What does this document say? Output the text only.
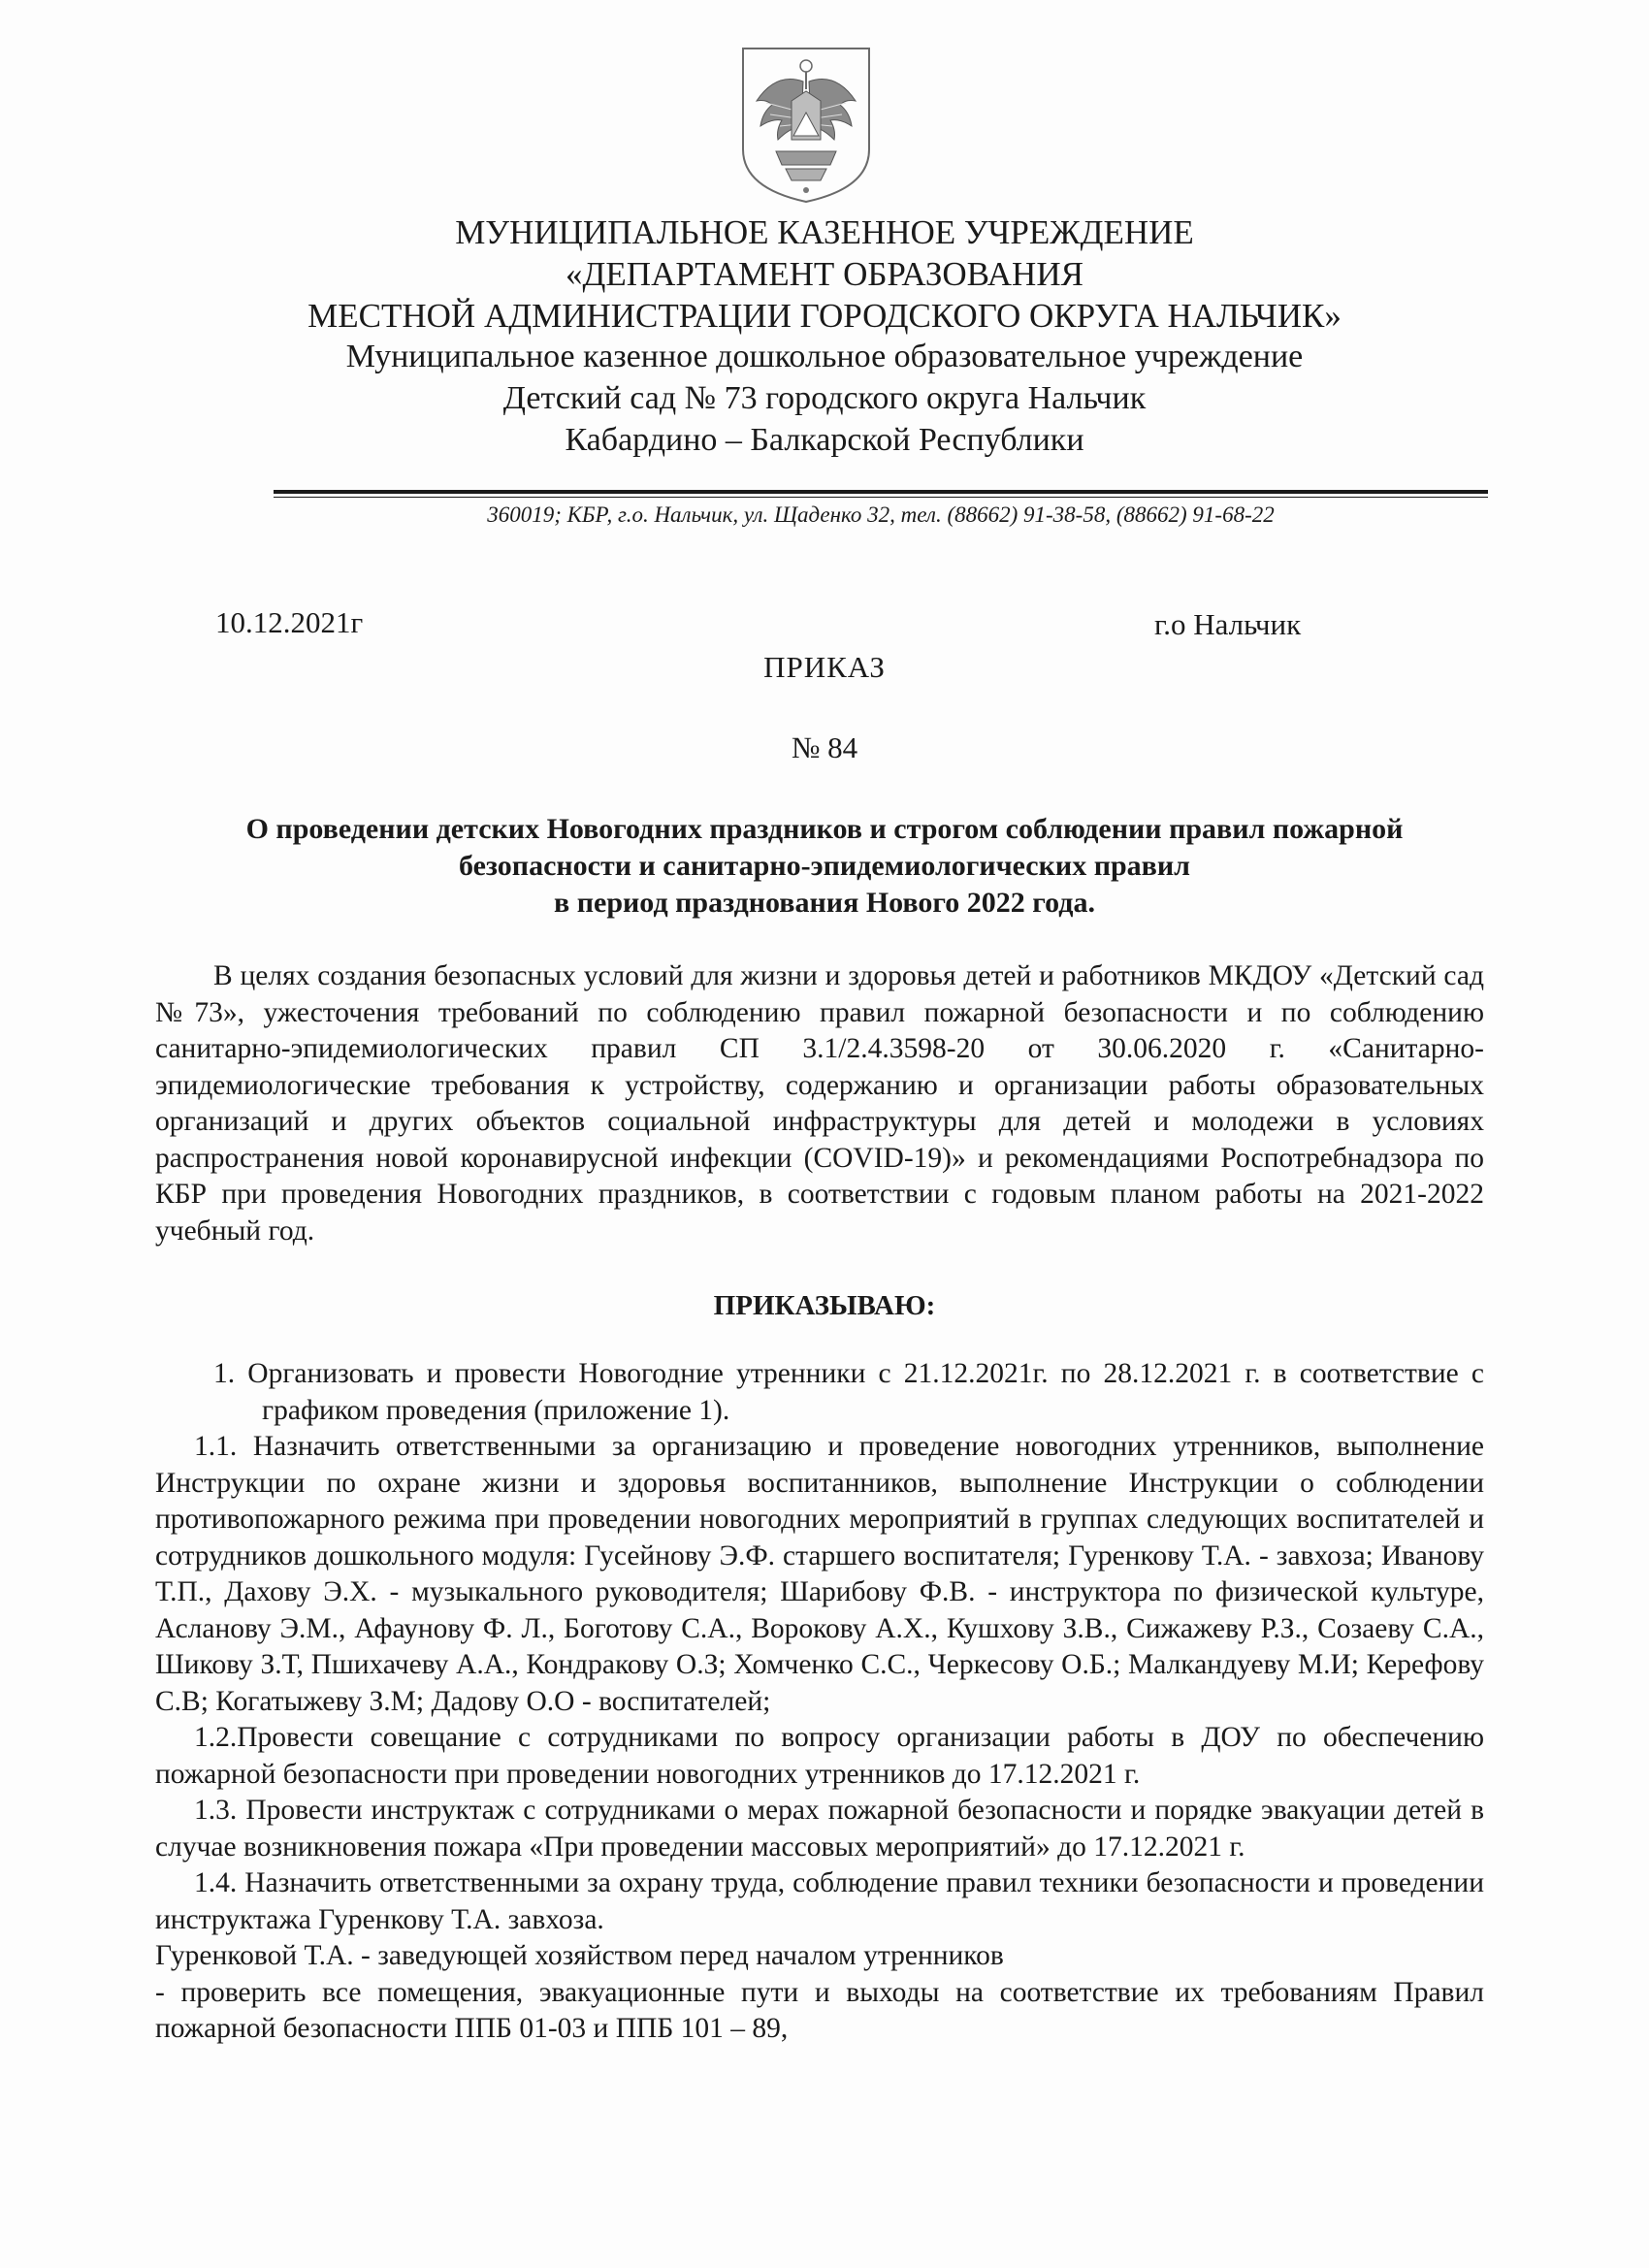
МУНИЦИПАЛЬНОЕ КАЗЕННОЕ УЧРЕЖДЕНИЕ
«ДЕПАРТАМЕНТ ОБРАЗОВАНИЯ
МЕСТНОЙ АДМИНИСТРАЦИИ ГОРОДСКОГО ОКРУГА НАЛЬЧИК»
Муниципальное казенное дошкольное образовательное учреждение
Детский сад № 73 городского округа Нальчик
Кабардино – Балкарской Республики
360019; КБР, г.о. Нальчик, ул. Щаденко 32, тел. (88662) 91-38-58, (88662) 91-68-22
10.12.2021г	г.о Нальчик
ПРИКАЗ
№ 84
О проведении детских Новогодних праздников и строгом соблюдении правил пожарной
безопасности и санитарно-эпидемиологических правил
в период празднования Нового 2022 года.

В целях создания безопасных условий для жизни и здоровья детей и работников МКДОУ «Детский сад №73», ужесточения требований по соблюдению правил пожарной безопасности и по соблюдению санитарно-эпидемиологических правил СП 3.1/2.4.3598-20 от 30.06.2020 г. «Санитарно-эпидемиологические требования к устройству, содержанию и организации работы образовательных организаций и других объектов социальной инфраструктуры для детей и молодежи в условиях распространения новой коронавирусной инфекции (COVID-19)» и рекомендациями Роспотребнадзора по КБР при проведения Новогодних праздников, в соответствии с годовым планом работы на 2021-2022 учебный год.

ПРИКАЗЫВАЮ:

1. Организовать и провести Новогодние утренники с 21.12.2021г. по 28.12.2021 г. в соответствие с графиком проведения (приложение 1).

1.1. Назначить ответственными за организацию и проведение новогодних утренников, выполнение Инструкции по охране жизни и здоровья воспитанников, выполнение Инструкции о соблюдении противопожарного режима при проведении новогодних мероприятий в группах следующих воспитателей и сотрудников дошкольного модуля: Гусейнову Э.Ф. старшего воспитателя; Гуренкову Т.А. - завхоза; Иванову Т.П., Дахову Э.Х. - музыкального руководителя; Шарибову Ф.В. - инструктора по физической культуре, Асланову Э.М., Афаунову Ф. Л., Боготову С.А., Ворокову А.Х., Кушхову З.В., Сижажеву Р.З., Созаеву С.А., Шикову З.Т, Пшихачеву А.А., Кондракову О.З; Хомченко С.С., Черкесову О.Б.; Малкандуеву М.И; Керефову С.В; Когатыжеву З.М; Дадову О.О - воспитателей;

1.2.Провести совещание с сотрудниками по вопросу организации работы в ДОУ по обеспечению пожарной безопасности при проведении новогодних утренников до 17.12.2021 г.

1.3. Провести инструктаж с сотрудниками о мерах пожарной безопасности и порядке эвакуации детей в случае возникновения пожара «При проведении массовых мероприятий» до 17.12.2021 г.

1.4. Назначить ответственными за охрану труда, соблюдение правил техники безопасности и проведении инструктажа Гуренкову Т.А. завхоза.

Гуренковой Т.А. - заведующей хозяйством перед началом утренников

- проверить все помещения, эвакуационные пути и выходы на соответствие их требованиям Правил пожарной безопасности ППБ 01-03 и ППБ 101 – 89,
